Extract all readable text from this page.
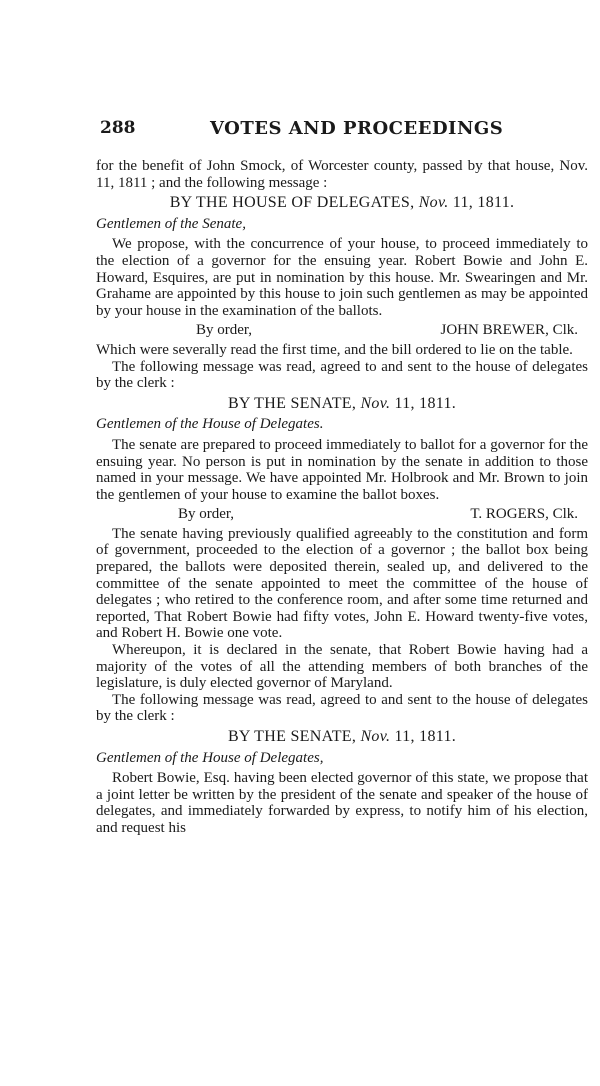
288	VOTES AND PROCEEDINGS

for the benefit of John Smock, of Worcester county, passed by that house, Nov. 11, 1811 ; and the following message :

BY THE HOUSE OF DELEGATES, Nov. 11, 1811.

Gentlemen of the Senate,

We propose, with the concurrence of your house, to proceed immediately to the election of a governor for the ensuing year. Robert Bowie and John E. Howard, Esquires, are put in nomination by this house. Mr. Swearingen and Mr. Grahame are appointed by this house to join such gentlemen as may be appointed by your house in the examination of the ballots.

By order,	JOHN BREWER, Clk.

Which were severally read the first time, and the bill ordered to lie on the table.

The following message was read, agreed to and sent to the house of delegates by the clerk :

BY THE SENATE, Nov. 11, 1811.

Gentlemen of the House of Delegates.

The senate are prepared to proceed immediately to ballot for a governor for the ensuing year. No person is put in nomination by the senate in addition to those named in your message. We have appointed Mr. Holbrook and Mr. Brown to join the gentlemen of your house to examine the ballot boxes.

By order,	T. ROGERS, Clk.

The senate having previously qualified agreeably to the constitution and form of government, proceeded to the election of a governor ; the ballot box being prepared, the ballots were deposited therein, sealed up, and delivered to the committee of the senate appointed to meet the committee of the house of delegates ; who retired to the conference room, and after some time returned and reported, That Robert Bowie had fifty votes, John E. Howard twenty-five votes, and Robert H. Bowie one vote.

Whereupon, it is declared in the senate, that Robert Bowie having had a majority of the votes of all the attending members of both branches of the legislature, is duly elected governor of Maryland.

The following message was read, agreed to and sent to the house of delegates by the clerk :

BY THE SENATE, Nov. 11, 1811.

Gentlemen of the House of Delegates,

Robert Bowie, Esq. having been elected governor of this state, we propose that a joint letter be written by the president of the senate and speaker of the house of delegates, and immediately forwarded by express, to notify him of his election, and request his
